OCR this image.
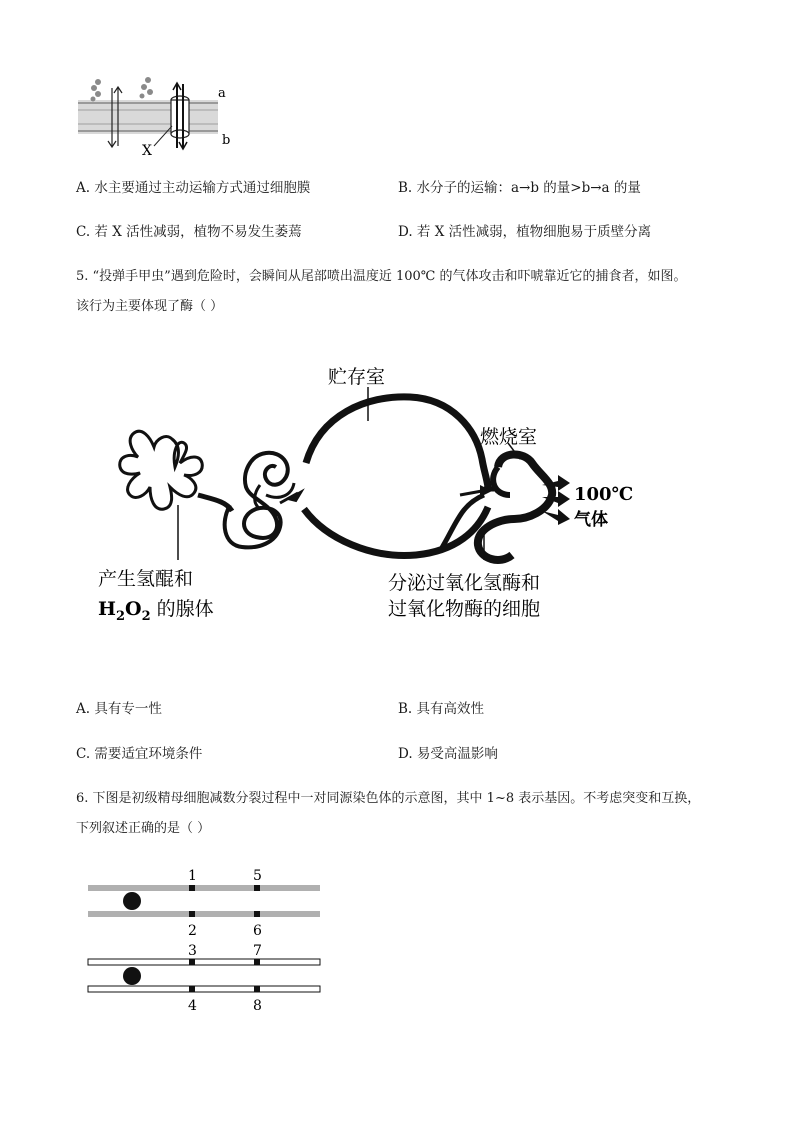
a
b
X
A. 水主要通过主动运输方式通过细胞膜	B. 水分子的运输：a→b 的量>b→a 的量
C. 若 X 活性减弱，植物不易发生萎蔫	D. 若 X 活性减弱，植物细胞易于质壁分离
5. “投弹手甲虫”遇到危险时，会瞬间从尾部喷出温度近 100℃ 的气体攻击和吓唬靠近它的捕食者，如图。
该行为主要体现了酶（ ）
贮存室
燃烧室
100℃
气体
产生氢醌和
$H_2O_2$ 的腺体
分泌过氧化氢酶和
过氧化物酶的细胞
A. 具有专一性	B. 具有高效性
C. 需要适宜环境条件	D. 易受高温影响
6. 下图是初级精母细胞减数分裂过程中一对同源染色体的示意图，其中 1~8 表示基因。不考虑突变和互换，
下列叙述正确的是（ ）
1	5
2	6
3	7
4	8
